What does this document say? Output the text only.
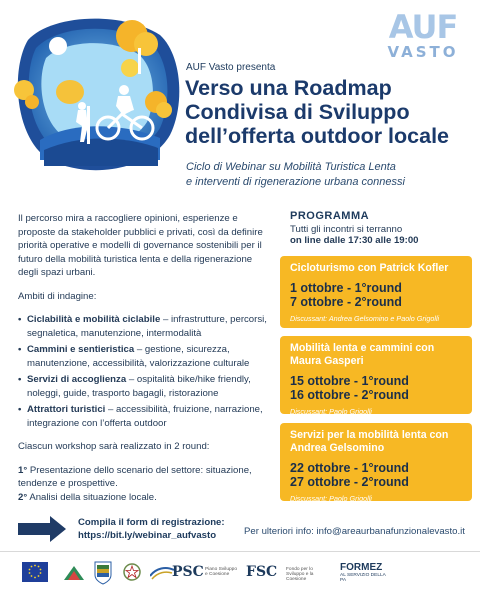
AUF
VASTO
AUF Vasto presenta
Verso una Roadmap
Condivisa di Sviluppo
dell’offerta outdoor locale
Ciclo di Webinar su Mobilità Turistica Lenta
e interventi di rigenerazione urbana connessi

Il percorso mira a raccogliere opinioni, esperienze e proposte da stakeholder pubblici e privati, così da definire priorità operative e modelli di governance sostenibili per il futuro della mobilità turistica lenta e della rigenerazione degli spazi urbani.

Ambiti di indagine:

• Ciclabilità e mobilità ciclabile – infrastrutture, percorsi, segnaletica, manutenzione, intermodalità
• Cammini e sentieristica – gestione, sicurezza, manutenzione, accessibilità, valorizzazione culturale
• Servizi di accoglienza – ospitalità bike/hike friendly, noleggi, guide, trasporto bagagli, ristorazione
• Attrattori turistici – accessibilità, fruizione, narrazione, integrazione con l’offerta outdoor

Ciascun workshop sarà realizzato in 2 round:

1° Presentazione dello scenario del settore: situazione, tendenze e prospettive.
2° Analisi della situazione locale.
Compila il form di registrazione:
https://bit.ly/webinar_aufvasto	Per ulteriori info: info@areaurbanafunzionalevasto.it
PROGRAMMA
Tutti gli incontri si terranno
on line dalle 17:30 alle 19:00
Cicloturismo con Patrick Kofler
1 ottobre - 1°round
7 ottobre - 2°round
Discussant: Andrea Gelsomino e Paolo Grigolli
Mobilità lenta e cammini con Maura Gasperi
15 ottobre - 1°round
16 ottobre - 2°round
Discussant: Paolo Grigolli
Servizi per la mobilità lenta con Andrea Gelsomino
22 ottobre - 1°round
27 ottobre - 2°round
Discussant: Paolo Grigolli
PSC Piano Sviluppo e Coesione	FSC Fondo per lo Sviluppo e la Coesione
FORMEZ
AL SERVIZIO DELLA PA
